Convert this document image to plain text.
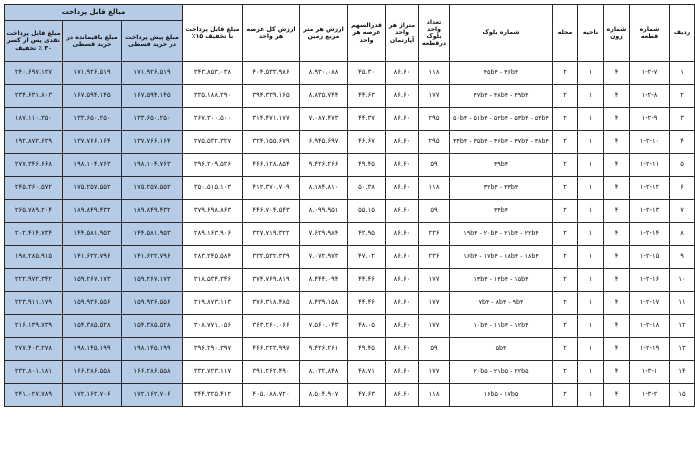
ردیف	شماره قطعه	شماره زون	ناحیه	محله	شماره بلوک	تعداد واحد بلوک درقطعه	متراژ هر واحد آپارتمان	قدرالسهم عرصه هر واحد	ارزش هر متر مربع زمین	ارزش کل عرصه هر واحد	مبلغ قابل پرداخت با تخفیف ۱۵٪	مبالغ قابل پرداخت		
												مبلغ پیش پرداخت در خرید قسطی	مبلغ باقیمانده در خرید قسطی	مبلغ قابل پرداخت نقدی پس از کسر ۳۰ ٪ تخفیف
۱	۱-۲-۷	۴	۱	۲	۴۵b۴ - ۴۶b۴	۱۱۸	۸۶.۶۰	۴۵.۳۰	۸.۹۳۰.۰۸۸	۴۰۴.۵۳۳.۹۸۶	۳۴۳.۸۵۳.۰۳۸	۱۷۱.۹۲۶.۵۱۹	۱۷۱.۹۲۶.۵۱۹	۲۴۰.۶۹۷.۱۲۷
۲	۱-۲-۸	۴	۱	۲	۴۷b۴ - ۴۸b۴ - ۴۹b۴	۱۷۷	۸۶.۶۰	۴۴.۶۳	۸.۸۳۵.۷۴۴	۳۹۴.۳۳۹.۱۶۵	۳۳۵.۱۸۸.۲۹۰	۱۶۷.۵۹۴.۱۴۵	۱۶۷.۵۹۴.۱۴۵	۲۳۴.۶۳۱.۸۰۳
۳	۱-۲-۹	۴	۱	۲	۵۰b۴ - ۵۱b۴ - ۵۲b۴ - ۵۳b۴ - ۵۴b۴	۲۹۵	۸۶.۶۰	۴۴.۳۷	۷.۰۸۷.۴۷۳	۳۱۴.۴۷۱.۱۷۷	۲۶۷.۳۰۰.۵۰۰	۱۳۳.۶۵۰.۲۵۰	۱۳۳.۶۵۰.۲۵۰	۱۸۷.۱۱۰.۳۵۰
۴	۱-۲-۱۰	۴	۱	۲	۳۴b۴ - ۳۵b۴ - ۳۶b۴ - ۳۷b۴ - ۳۸b۴	۲۹۵	۸۶.۶۰	۴۶.۶۷	۶.۹۴۵.۶۹۷	۳۲۴.۱۵۵.۶۷۹	۲۷۵.۵۳۲.۳۲۷	۱۳۷.۷۶۶.۱۶۴	۱۳۷.۷۶۶.۱۶۴	۱۹۲.۸۷۲.۶۲۹
۵	۱-۲-۱۱	۴	۱	۲	۳۹b۴	۵۹	۸۶.۶۰	۴۹.۴۵	۹.۴۲۶.۲۶۶	۴۶۶.۱۲۸.۸۵۴	۳۹۶.۲۰۹.۵۲۶	۱۹۸.۱۰۴.۷۶۳	۱۹۸.۱۰۴.۷۶۳	۲۷۷.۳۴۶.۶۶۸
۶	۱-۲-۱۲	۴	۱	۲	۳۲b۴ - ۳۳b۴	۱۱۸	۸۶.۶۰	۵۰.۳۸	۸.۱۸۴.۸۱۰	۴۱۲.۳۷۰.۷۰۹	۳۵۰.۵۱۵.۱۰۳	۱۷۵.۲۵۷.۵۵۲	۱۷۵.۲۵۷.۵۵۲	۲۴۵.۳۶۰.۵۷۲
۷	۱-۲-۱۳	۴	۱	۲	۳۴b۴	۵۹	۸۶.۶۰	۵۵.۱۵	۸.۰۹۹.۹۵۱	۴۴۶.۷۰۴.۵۴۳	۳۷۹.۶۹۸.۸۶۳	۱۸۹.۸۴۹.۴۳۲	۱۸۹.۸۴۹.۴۳۲	۲۶۵.۷۸۹.۲۰۴
۸	۱-۲-۱۴	۴	۱	۲	۱۹b۴ - ۲۰b۴ - ۲۱b۴ - ۲۲b۴	۲۳۶	۸۶.۶۰	۴۲.۹۵	۷.۶۲۹.۹۸۴	۳۲۷.۷۱۹.۳۲۲	۲۸۹.۱۶۳.۹۰۶	۱۴۴.۵۸۱.۹۵۳	۱۴۴.۵۸۱.۹۵۳	۲۰۲.۴۱۴.۷۳۴
۹	۱-۲-۱۵	۴	۱	۲	۱۶b۴ - ۱۷b۴ - ۱۸b۴ - ۱۸b۴	۲۳۶	۸۶.۶۰	۴۷.۰۲	۷.۰۷۲.۹۷۳	۳۳۲.۵۳۲.۳۳۹	۲۸۳.۲۴۵.۵۸۴	۱۴۱.۶۲۲.۷۹۶	۱۴۱.۶۲۲.۷۹۶	۱۹۸.۲۸۵.۹۱۵
۱۰	۱-۲-۱۶	۴	۱	۲	۱۳b۴ - ۱۴b۴ - ۱۵b۴	۱۷۷	۸۶.۶۰	۴۴.۴۶	۸.۴۴۴.۰۹۴	۳۷۴.۷۶۹.۸۱۹	۳۱۸.۵۳۴.۳۴۶	۱۵۹.۲۶۷.۱۷۳	۱۵۹.۲۶۷.۱۷۳	۲۲۲.۹۷۲.۳۴۲
۱۱	۱-۲-۱۷	۴	۱	۲	۷b۴ - ۸b۴ - ۹b۴	۱۷۷	۸۶.۶۰	۴۴.۴۶	۸.۴۳۹.۱۵۸	۳۷۶.۳۱۸.۴۸۵	۳۱۹.۸۷۳.۱۱۳	۱۵۹.۹۳۶.۵۵۶	۱۵۹.۹۳۶.۵۵۶	۲۲۳.۹۱۱.۱۷۹
۱۲	۱-۲-۱۸	۴	۱	۲	۱۰b۴ - ۱۱b۴ - ۱۲b۴	۱۷۷	۸۶.۶۰	۴۸.۰۵	۷.۵۶۰.۰۴۳	۳۶۳.۲۶۰.۰۶۶	۳۰۸.۷۷۱.۰۵۶	۱۵۴.۳۸۵.۵۲۸	۱۵۴.۳۸۵.۵۲۸	۲۱۶.۱۳۹.۷۳۹
۱۳	۱-۲-۱۹	۴	۱	۲	۵b۴	۵۹	۸۶.۶۰	۴۹.۴۵	۹.۴۲۶.۲۶۱	۴۶۶.۲۲۳.۹۹۷	۳۹۶.۲۹۰.۳۹۷	۱۹۸.۱۴۵.۱۹۹	۱۹۸.۱۴۵.۱۹۹	۲۷۷.۴۰۳.۲۷۸
۱۴	۱-۳-۱	۴	۱	۲	۲۰b۵ - ۲۱b۵ - ۲۲b۵	۱۷۷	۸۶.۶۰	۴۸.۷۱	۸.۰۳۲.۸۴۸	۳۹۱.۲۶۲.۴۹۰	۳۳۲.۷۲۳.۱۱۷	۱۶۶.۲۸۶.۵۵۸	۱۶۶.۲۸۶.۵۵۸	۲۳۲.۸۰۱.۱۸۱
۱۵	۱-۳-۲	۴	۱	۲	۱۶b۵ - ۱۷b۵	۱۱۸	۸۶.۶۰	۴۷.۶۳	۸.۵۰۴.۹۰۷	۴۰۵.۰۸۸.۷۲۰	۳۴۴.۳۲۵.۴۱۲	۱۷۲.۱۶۲.۷۰۶	۱۷۲.۱۶۲.۷۰۶	۲۴۱.۰۲۷.۷۸۹
